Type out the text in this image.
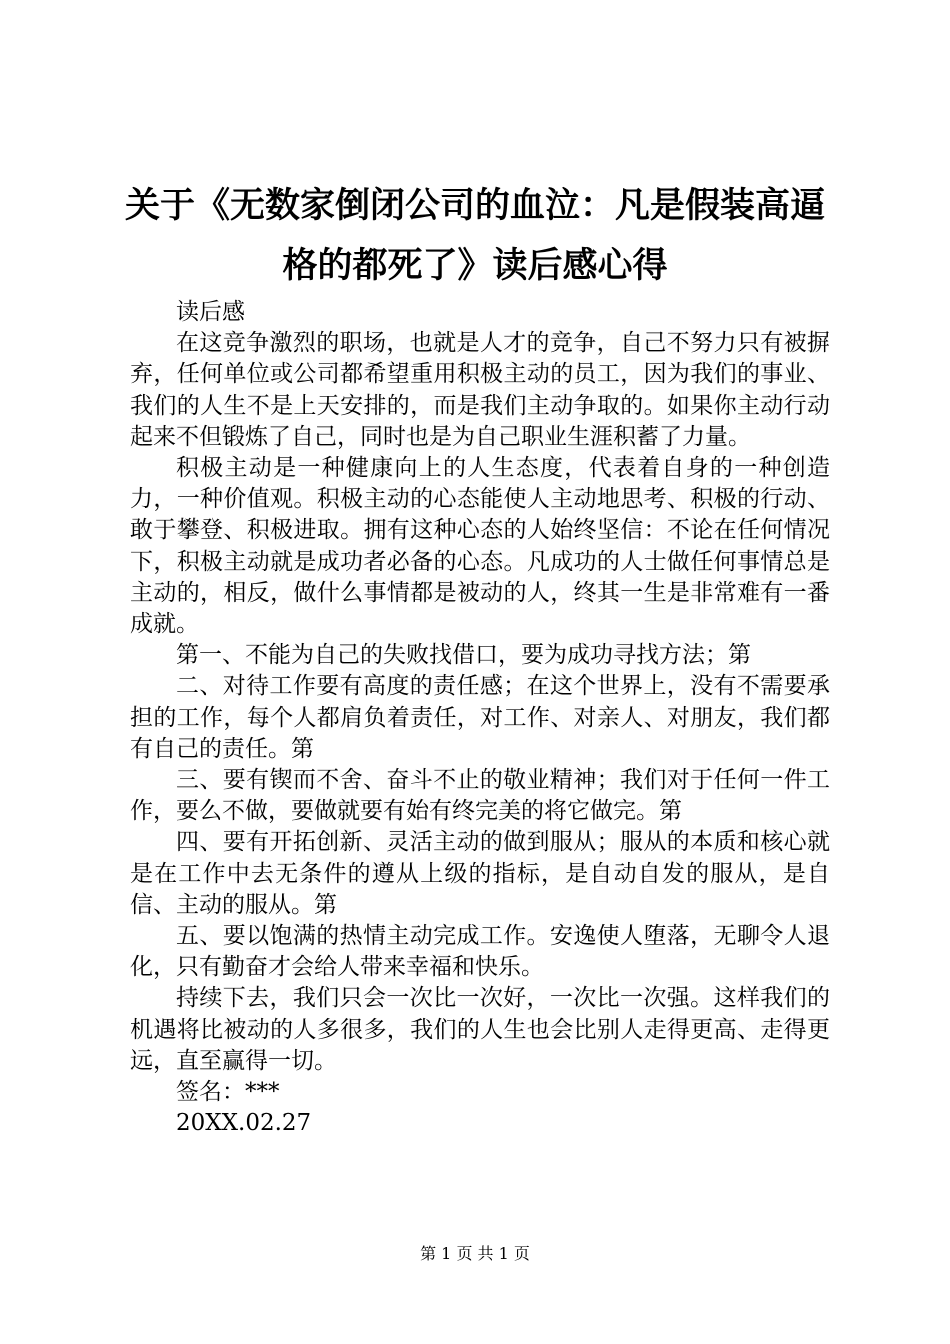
关于《无数家倒闭公司的血泣：凡是假装高逼格的都死了》读后感心得

读后感

在这竞争激烈的职场，也就是人才的竞争，自己不努力只有被摒弃，任何单位或公司都希望重用积极主动的员工，因为我们的事业、我们的人生不是上天安排的，而是我们主动争取的。如果你主动行动起来不但锻炼了自己，同时也是为自己职业生涯积蓄了力量。

积极主动是一种健康向上的人生态度，代表着自身的一种创造力，一种价值观。积极主动的心态能使人主动地思考、积极的行动、敢于攀登、积极进取。拥有这种心态的人始终坚信：不论在任何情况下，积极主动就是成功者必备的心态。凡成功的人士做任何事情总是主动的，相反，做什么事情都是被动的人，终其一生是非常难有一番成就。

第一、不能为自己的失败找借口，要为成功寻找方法；第

二、对待工作要有高度的责任感；在这个世界上，没有不需要承担的工作，每个人都肩负着责任，对工作、对亲人、对朋友，我们都有自己的责任。第

三、要有锲而不舍、奋斗不止的敬业精神；我们对于任何一件工作，要么不做，要做就要有始有终完美的将它做完。第

四、要有开拓创新、灵活主动的做到服从；服从的本质和核心就是在工作中去无条件的遵从上级的指标，是自动自发的服从，是自信、主动的服从。第

五、要以饱满的热情主动完成工作。安逸使人堕落，无聊令人退化，只有勤奋才会给人带来幸福和快乐。

持续下去，我们只会一次比一次好，一次比一次强。这样我们的机遇将比被动的人多很多，我们的人生也会比别人走得更高、走得更远，直至赢得一切。

签名：***

20XX.02.27

第 1 页 共 1 页
